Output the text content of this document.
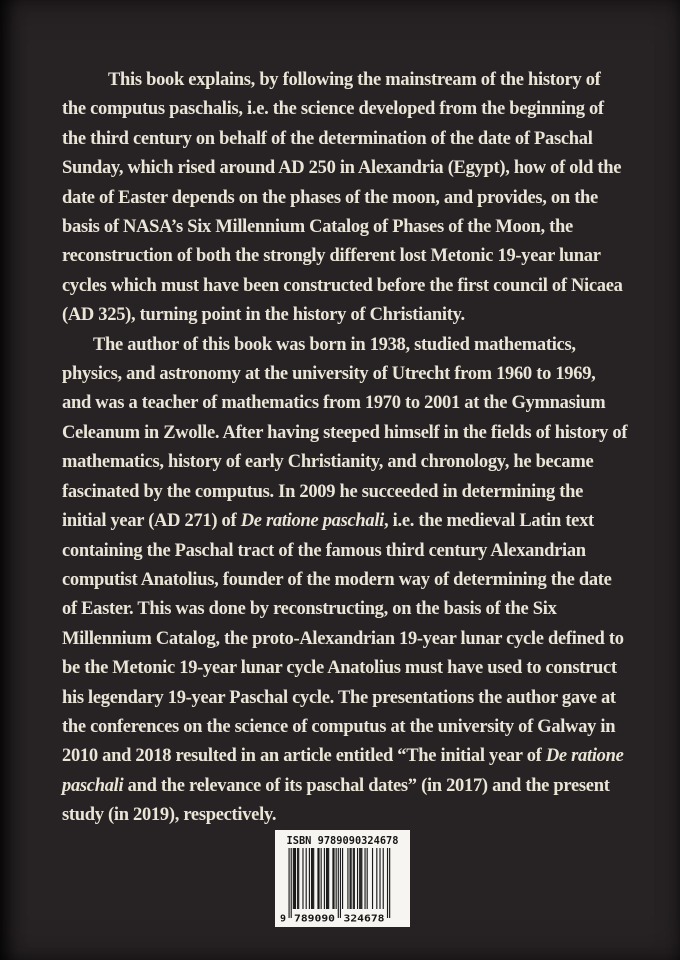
This book explains, by following the mainstream of the history of the computus paschalis, i.e. the science developed from the beginning of the third century on behalf of the determination of the date of Paschal Sunday, which rised around AD 250 in Alexandria (Egypt), how of old the date of Easter depends on the phases of the moon, and provides, on the basis of NASA’s Six Millennium Catalog of Phases of the Moon, the reconstruction of both the strongly different lost Metonic 19-year lunar cycles which must have been constructed before the first council of Nicaea (AD 325), turning point in the history of Christianity.

The author of this book was born in 1938, studied mathematics, physics, and astronomy at the university of Utrecht from 1960 to 1969, and was a teacher of mathematics from 1970 to 2001 at the Gymnasium Celeanum in Zwolle. After having steeped himself in the fields of history of mathematics, history of early Christianity, and chronology, he became fascinated by the computus. In 2009 he succeeded in determining the initial year (AD 271) of De ratione paschali, i.e. the medieval Latin text containing the Paschal tract of the famous third century Alexandrian computist Anatolius, founder of the modern way of determining the date of Easter. This was done by reconstructing, on the basis of the Six Millennium Catalog, the proto-Alexandrian 19-year lunar cycle defined to be the Metonic 19-year lunar cycle Anatolius must have used to construct his legendary 19-year Paschal cycle. The presentations the author gave at the conferences on the science of computus at the university of Galway in 2010 and 2018 resulted in an article entitled “The initial year of De ratione paschali and the relevance of its paschal dates” (in 2017) and the present study (in 2019), respectively.

ISBN 9789090324678
9 789090 324678
